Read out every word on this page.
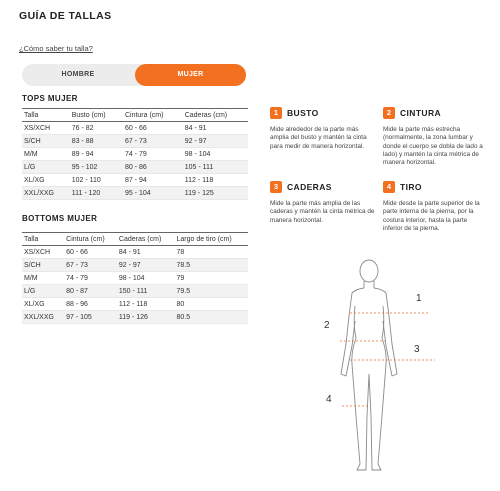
GUÍA DE TALLAS
¿Cómo saber tu talla?
HOMBRE	MUJER
TOPS MUJER
Talla	Busto (cm)	Cintura (cm)	Caderas (cm)
XS/XCH	76 - 82	60 - 66	84 - 91
S/CH	83 - 88	67 - 73	92 - 97
M/M	89 - 94	74 - 79	98 - 104
L/G	95 - 102	80 - 86	105 - 111
XL/XG	102 - 110	87 - 94	112 - 118
XXL/XXG	111 - 120	95 - 104	119 - 125
BOTTOMS MUJER
Talla	Cintura (cm)	Caderas (cm)	Largo de tiro (cm)
XS/XCH	60 - 66	84 - 91	78
S/CH	67 - 73	92 - 97	78.5
M/M	74 - 79	98 - 104	79
L/G	80 - 87	150 - 111	79.5
XL/XG	88 - 96	112 - 118	80
XXL/XXG	97 - 105	119 - 126	80.5
1	BUSTO
Mide alrededor de la parte más amplia del busto y mantén la cinta para medir de manera horizontal.
2	CINTURA
Mide la parte más estrecha (normalmente, la zona lumbar y donde el cuerpo se dobla de lado a lado) y mantén la cinta métrica de manera horizontal.
3	CADERAS
Mide la parte más amplia de las caderas y mantén la cinta métrica de manera horizontal.
4	TIRO
Mide desde la parte superior de la parte interna de la pierna, por la costura interior, hasta la parte inferior de la pierna.
1
2
3
4
